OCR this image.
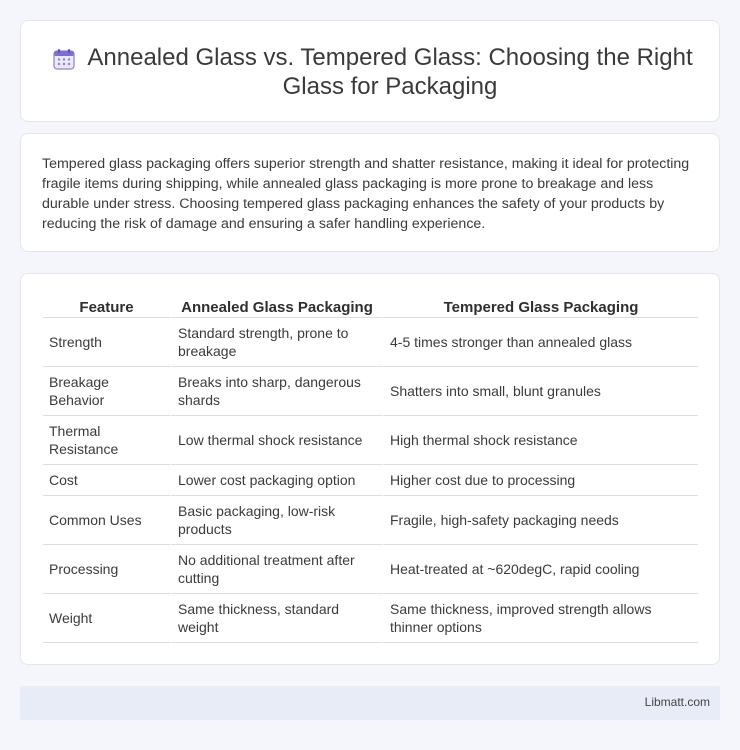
Annealed Glass vs. Tempered Glass: Choosing the Right Glass for Packaging

Tempered glass packaging offers superior strength and shatter resistance, making it ideal for protecting fragile items during shipping, while annealed glass packaging is more prone to breakage and less durable under stress. Choosing tempered glass packaging enhances the safety of your products by reducing the risk of damage and ensuring a safer handling experience.

Feature	Annealed Glass Packaging	Tempered Glass Packaging
Strength	Standard strength, prone to breakage	4-5 times stronger than annealed glass
Breakage Behavior	Breaks into sharp, dangerous shards	Shatters into small, blunt granules
Thermal Resistance	Low thermal shock resistance	High thermal shock resistance
Cost	Lower cost packaging option	Higher cost due to processing
Common Uses	Basic packaging, low-risk products	Fragile, high-safety packaging needs
Processing	No additional treatment after cutting	Heat-treated at ~620degC, rapid cooling
Weight	Same thickness, standard weight	Same thickness, improved strength allows thinner options
Libmatt.com
